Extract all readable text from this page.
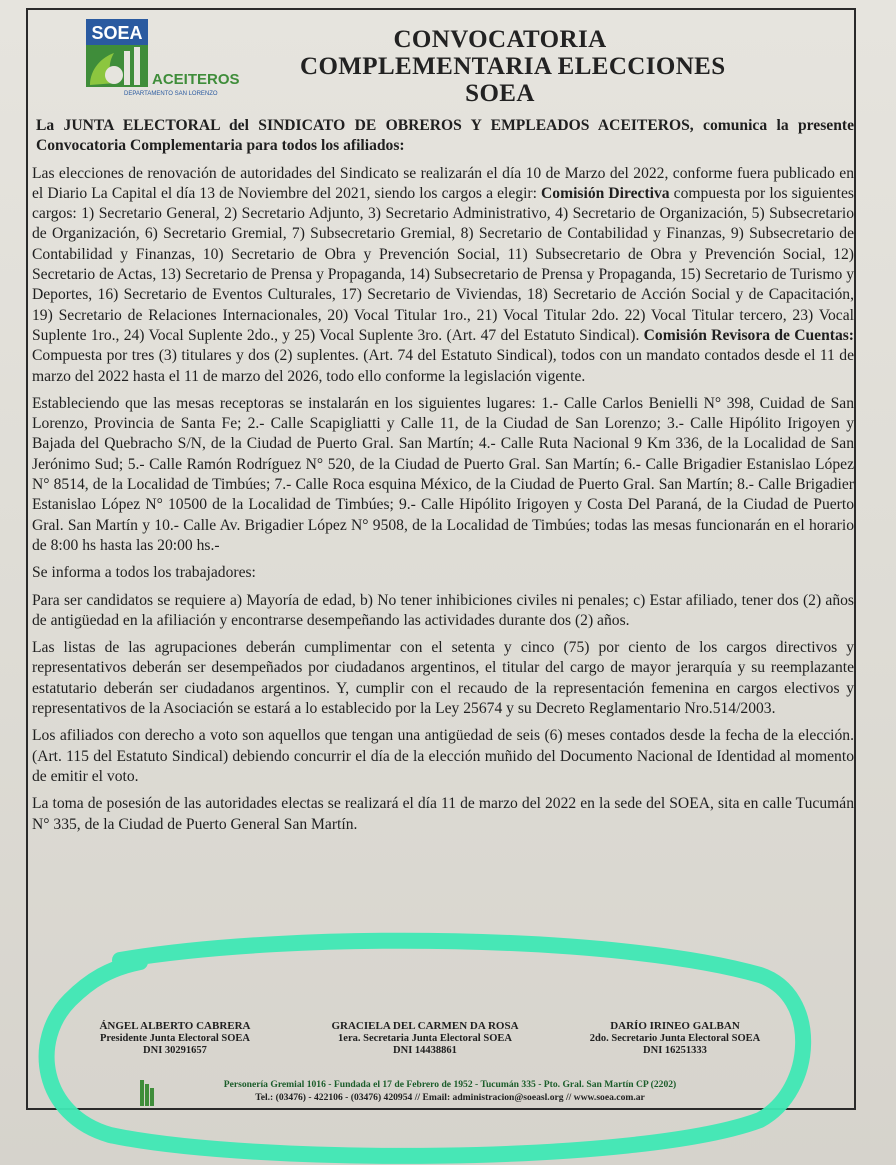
SOEA
ACEITEROS
DEPARTAMENTO SAN LORENZO
CONVOCATORIA
COMPLEMENTARIA ELECCIONES
SOEA

La JUNTA ELECTORAL del SINDICATO DE OBREROS Y EMPLEADOS ACEITEROS, comunica la presente Convocatoria Complementaria para todos los afiliados:

Las elecciones de renovación de autoridades del Sindicato se realizarán el día 10 de Marzo del 2022, conforme fuera publicado en el Diario La Capital el día 13 de Noviembre del 2021, siendo los cargos a elegir: Comisión Directiva compuesta por los siguientes cargos: 1) Secretario General, 2) Secretario Adjunto, 3) Secretario Administrativo, 4) Secretario de Organización, 5) Subsecretario de Organización, 6) Secretario Gremial, 7) Subsecretario Gremial, 8) Secretario de Contabilidad y Finanzas, 9) Subsecretario de Contabilidad y Finanzas, 10) Secretario de Obra y Prevención Social, 11) Subsecretario de Obra y Prevención Social, 12) Secretario de Actas, 13) Secretario de Prensa y Propaganda, 14) Subsecretario de Prensa y Propaganda, 15) Secretario de Turismo y Deportes, 16) Secretario de Eventos Culturales, 17) Secretario de Viviendas, 18) Secretario de Acción Social y de Capacitación, 19) Secretario de Relaciones Internacionales, 20) Vocal Titular 1ro., 21) Vocal Titular 2do. 22) Vocal Titular tercero, 23) Vocal Suplente 1ro., 24) Vocal Suplente 2do., y 25) Vocal Suplente 3ro. (Art. 47 del Estatuto Sindical). Comisión Revisora de Cuentas: Compuesta por tres (3) titulares y dos (2) suplentes. (Art. 74 del Estatuto Sindical), todos con un mandato contados desde el 11 de marzo del 2022 hasta el 11 de marzo del 2026, todo ello conforme la legislación vigente.

Estableciendo que las mesas receptoras se instalarán en los siguientes lugares: 1.- Calle Carlos Benielli N° 398, Cuidad de San Lorenzo, Provincia de Santa Fe; 2.- Calle Scapigliatti y Calle 11, de la Ciudad de San Lorenzo; 3.- Calle Hipólito Irigoyen y Bajada del Quebracho S/N, de la Ciudad de Puerto Gral. San Martín; 4.- Calle Ruta Nacional 9 Km 336, de la Localidad de San Jerónimo Sud; 5.- Calle Ramón Rodríguez N° 520, de la Ciudad de Puerto Gral. San Martín; 6.- Calle Brigadier Estanislao López N° 8514, de la Localidad de Timbúes; 7.- Calle Roca esquina México, de la Ciudad de Puerto Gral. San Martín; 8.- Calle Brigadier Estanislao López N° 10500 de la Localidad de Timbúes; 9.- Calle Hipólito Irigoyen y Costa Del Paraná, de la Ciudad de Puerto Gral. San Martín y 10.- Calle Av. Brigadier López N° 9508, de la Localidad de Timbúes; todas las mesas funcionarán en el horario de 8:00 hs hasta las 20:00 hs.-

Se informa a todos los trabajadores:

Para ser candidatos se requiere a) Mayoría de edad, b) No tener inhibiciones civiles ni penales; c) Estar afiliado, tener dos (2) años de antigüedad en la afiliación y encontrarse desempeñando las actividades durante dos (2) años.

Las listas de las agrupaciones deberán cumplimentar con el setenta y cinco (75) por ciento de los cargos directivos y representativos deberán ser desempeñados por ciudadanos argentinos, el titular del cargo de mayor jerarquía y su reemplazante estatutario deberán ser ciudadanos argentinos. Y, cumplir con el recaudo de la representación femenina en cargos electivos y representativos de la Asociación se estará a lo establecido por la Ley 25674 y su Decreto Reglamentario Nro.514/2003.

Los afiliados con derecho a voto son aquellos que tengan una antigüedad de seis (6) meses contados desde la fecha de la elección. (Art. 115 del Estatuto Sindical) debiendo concurrir el día de la elección muñido del Documento Nacional de Identidad al momento de emitir el voto.

La toma de posesión de las autoridades electas se realizará el día 11 de marzo del 2022 en la sede del SOEA, sita en calle Tucumán N° 335, de la Ciudad de Puerto General San Martín.

ÁNGEL ALBERTO CABRERA
Presidente Junta Electoral SOEA
DNI 30291657
GRACIELA DEL CARMEN DA ROSA
1era. Secretaria Junta Electoral SOEA
DNI 14438861
DARÍO IRINEO GALBAN
2do. Secretario Junta Electoral SOEA
DNI 16251333
Personería Gremial 1016 - Fundada el 17 de Febrero de 1952 - Tucumán 335 - Pto. Gral. San Martín CP (2202)
Tel.: (03476) - 422106 - (03476) 420954 // Email: administracion@soeasl.org // www.soea.com.ar
